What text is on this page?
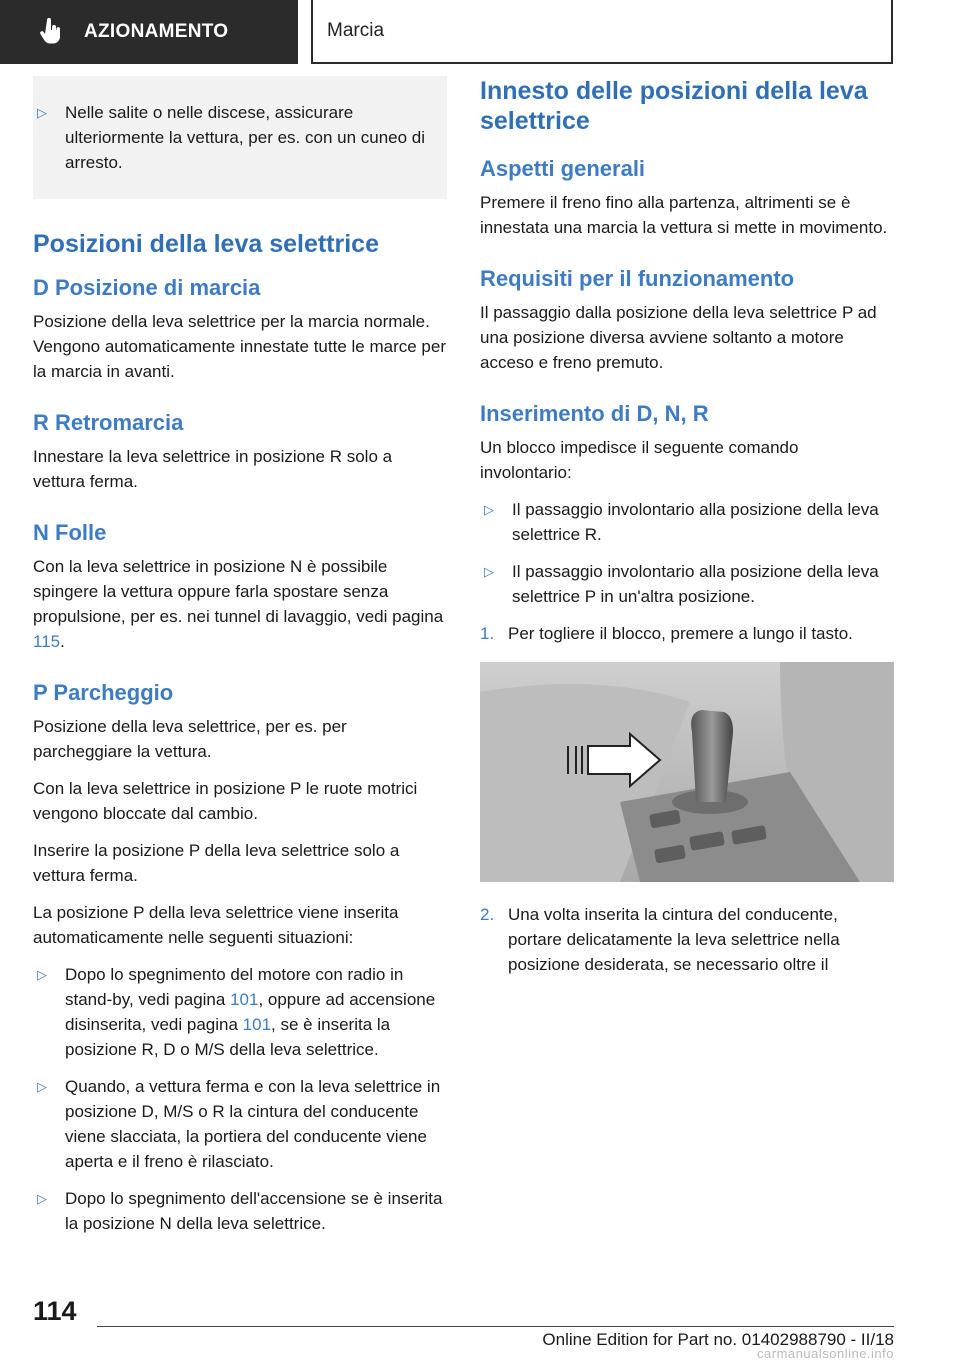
AZIONAMENTO	Marcia
▷	Nelle salite o nelle discese, assicurare ulteriormente la vettura, per es. con un cuneo di arresto.
Posizioni della leva selettrice
D Posizione di marcia

Posizione della leva selettrice per la marcia normale. Vengono automaticamente innestate tutte le marce per la marcia in avanti.

R Retromarcia

Innestare la leva selettrice in posizione R solo a vettura ferma.

N Folle

Con la leva selettrice in posizione N è possibile spingere la vettura oppure farla spostare senza propulsione, per es. nei tunnel di lavaggio, vedi pagina 115.

P Parcheggio

Posizione della leva selettrice, per es. per parcheggiare la vettura.

Con la leva selettrice in posizione P le ruote motrici vengono bloccate dal cambio.

Inserire la posizione P della leva selettrice solo a vettura ferma.

La posizione P della leva selettrice viene inserita automaticamente nelle seguenti situazioni:

▷	Dopo lo spegnimento del motore con radio in stand-by, vedi pagina 101, oppure ad accensione disinserita, vedi pagina 101, se è inserita la posizione R, D o M/S della leva selettrice.
▷	Quando, a vettura ferma e con la leva selettrice in posizione D, M/S o R la cintura del conducente viene slacciata, la portiera del conducente viene aperta e il freno è rilasciato.
▷	Dopo lo spegnimento dell'accensione se è inserita la posizione N della leva selettrice.
Innesto delle posizioni della leva selettrice
Aspetti generali

Premere il freno fino alla partenza, altrimenti se è innestata una marcia la vettura si mette in movimento.

Requisiti per il funzionamento

Il passaggio dalla posizione della leva selettrice P ad una posizione diversa avviene soltanto a motore acceso e freno premuto.

Inserimento di D, N, R

Un blocco impedisce il seguente comando involontario:

▷	Il passaggio involontario alla posizione della leva selettrice R.
▷	Il passaggio involontario alla posizione della leva selettrice P in un'altra posizione.
1. Per togliere il blocco, premere a lungo il tasto.
2. Una volta inserita la cintura del conducente, portare delicatamente la leva selettrice nella posizione desiderata, se necessario oltre il
114
Online Edition for Part no. 01402988790 - II/18
carmanualsonline.info
